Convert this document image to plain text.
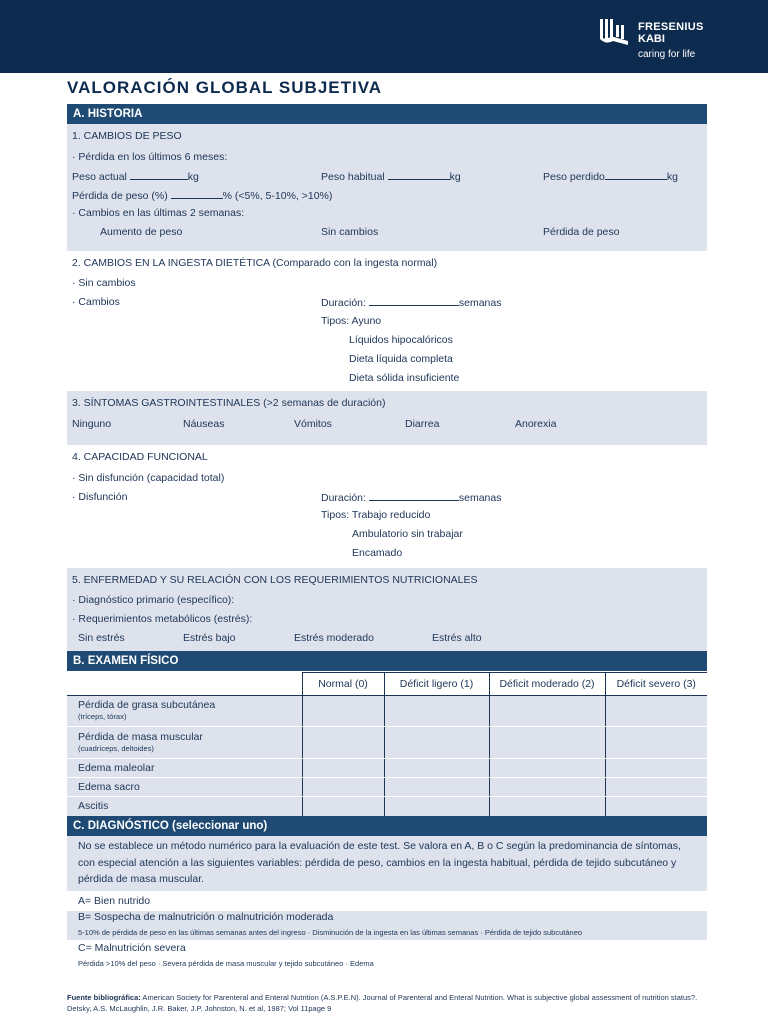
FRESENIUS
KABI
caring for life
VALORACIÓN GLOBAL SUBJETIVA
A. HISTORIA
1. CAMBIOS DE PESO
· Pérdida en los últimos 6 meses:
Peso actual	kg	Peso habitual	kg	Peso perdido	kg
Pérdida de peso (%)	% (<5%, 5-10%, >10%)
· Cambios en las últimas 2 semanas:
Aumento de peso	Sin cambios	Pérdida de peso
2. CAMBIOS EN LA INGESTA DIETÉTICA (Comparado con la ingesta normal)
· Sin cambios
· Cambios	Duración:	semanas
Tipos: Ayuno
Líquidos hipocalóricos
Dieta líquida completa
Dieta sólida insuficiente
3. SÍNTOMAS GASTROINTESTINALES (>2 semanas de duración)
Ninguno	Náuseas	Vómitos	Diarrea	Anorexia
4. CAPACIDAD FUNCIONAL
· Sin disfunción (capacidad total)
· Disfunción	Duración:	semanas
Tipos: Trabajo reducido
Ambulatorio sin trabajar
Encamado
5. ENFERMEDAD Y SU RELACIÓN CON LOS REQUERIMIENTOS NUTRICIONALES
· Diagnóstico primario (específico):
· Requerimientos metabólicos (estrés):
Sin estrés	Estrés bajo	Estrés moderado	Estrés alto
B. EXAMEN FÍSICO
	Normal (0)	Déficit ligero (1)	Déficit moderado (2)	Déficit severo (3)

Pérdida de grasa subcutánea
(tríceps, tórax)				

Pérdida de masa muscular
(cuadríceps, deltoides)				

Edema maleolar				
Edema sacro				
Ascitis				
C. DIAGNÓSTICO (seleccionar uno)
No se establece un método numérico para la evaluación de este test. Se valora en A, B o C según la predominancia de síntomas,
con especial atención a las siguientes variables: pérdida de peso, cambios en la ingesta habitual, pérdida de tejido subcutáneo y
pérdida de masa muscular.
A= Bien nutrido
B= Sospecha de malnutrición o malnutrición moderada
5-10% de pérdida de peso en las últimas semanas antes del ingreso · Disminución de la ingesta en las últimas semanas · Pérdida de tejido subcutáneo
C= Malnutrición severa
Pérdida >10% del peso · Severa pérdida de masa muscular y tejido subcutáneo · Edema
Fuente bibliográfica: American Society for Parenteral and Enteral Nutrition (A.S.P.E.N). Journal of Parenteral and Enteral Nutrition. What is subjective global assessment of nutrition status?. Detsky, A.S. McLaughlin, J.R. Baker, J.P. Johnston, N. et al, 1987; Vol 11page 9
